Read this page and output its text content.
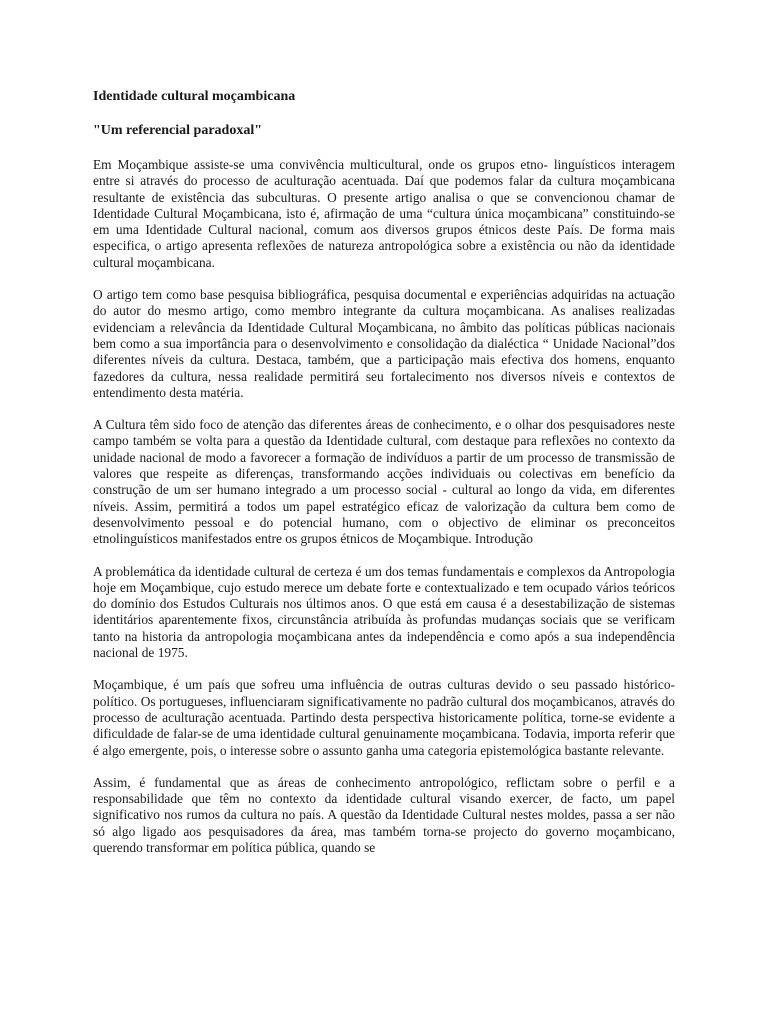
Identidade cultural moçambicana
"Um referencial paradoxal"

Em Moçambique assiste-se uma convivência multicultural, onde os grupos etno- linguísticos interagem entre si através do processo de aculturação acentuada. Daí que podemos falar da cultura moçambicana resultante de existência das subculturas. O presente artigo analisa o que se convencionou chamar de Identidade Cultural Moçambicana, isto é, afirmação de uma “cultura única moçambicana” constituindo-se em uma Identidade Cultural nacional, comum aos diversos grupos étnicos deste País. De forma mais especifica, o artigo apresenta reflexões de natureza antropológica sobre a existência ou não da identidade cultural moçambicana.

O artigo tem como base pesquisa bibliográfica, pesquisa documental e experiências adquiridas na actuação do autor do mesmo artigo, como membro integrante da cultura moçambicana. As analises realizadas evidenciam a relevância da Identidade Cultural Moçambicana, no âmbito das políticas públicas nacionais bem como a sua importância para o desenvolvimento e consolidação da dialéctica “ Unidade Nacional”dos diferentes níveis da cultura. Destaca, também, que a participação mais efectiva dos homens, enquanto fazedores da cultura, nessa realidade permitirá seu fortalecimento nos diversos níveis e contextos de entendimento desta matéria.

A Cultura têm sido foco de atenção das diferentes áreas de conhecimento, e o olhar dos pesquisadores neste campo também se volta para a questão da Identidade cultural, com destaque para reflexões no contexto da unidade nacional de modo a favorecer a formação de indivíduos a partir de um processo de transmissão de valores que respeite as diferenças, transformando acções individuais ou colectivas em benefício da construção de um ser humano integrado a um processo social - cultural ao longo da vida, em diferentes níveis. Assim, permitirá a todos um papel estratégico eficaz de valorização da cultura bem como de desenvolvimento pessoal e do potencial humano, com o objectivo de eliminar os preconceitos etnolinguísticos manifestados entre os grupos étnicos de Moçambique. Introdução

A problemática da identidade cultural de certeza é um dos temas fundamentais e complexos da Antropologia hoje em Moçambique, cujo estudo merece um debate forte e contextualizado e tem ocupado vários teóricos do domínio dos Estudos Culturais nos últimos anos. O que está em causa é a desestabilização de sistemas identitários aparentemente fixos, circunstância atribuída às profundas mudanças sociais que se verificam tanto na historia da antropologia moçambicana antes da independência e como após a sua independência nacional de 1975.

Moçambique, é um país que sofreu uma influência de outras culturas devido o seu passado histórico-político. Os portugueses, influenciaram significativamente no padrão cultural dos moçambicanos, através do processo de aculturação acentuada. Partindo desta perspectiva historicamente política, torne-se evidente a dificuldade de falar-se de uma identidade cultural genuinamente moçambicana. Todavia, importa referir que é algo emergente, pois, o interesse sobre o assunto ganha uma categoria epistemológica bastante relevante.

Assim, é fundamental que as áreas de conhecimento antropológico, reflictam sobre o perfil e a responsabilidade que têm no contexto da identidade cultural visando exercer, de facto, um papel significativo nos rumos da cultura no país. A questão da Identidade Cultural nestes moldes, passa a ser não só algo ligado aos pesquisadores da área, mas também torna-se projecto do governo moçambicano, querendo transformar em política pública, quando se
